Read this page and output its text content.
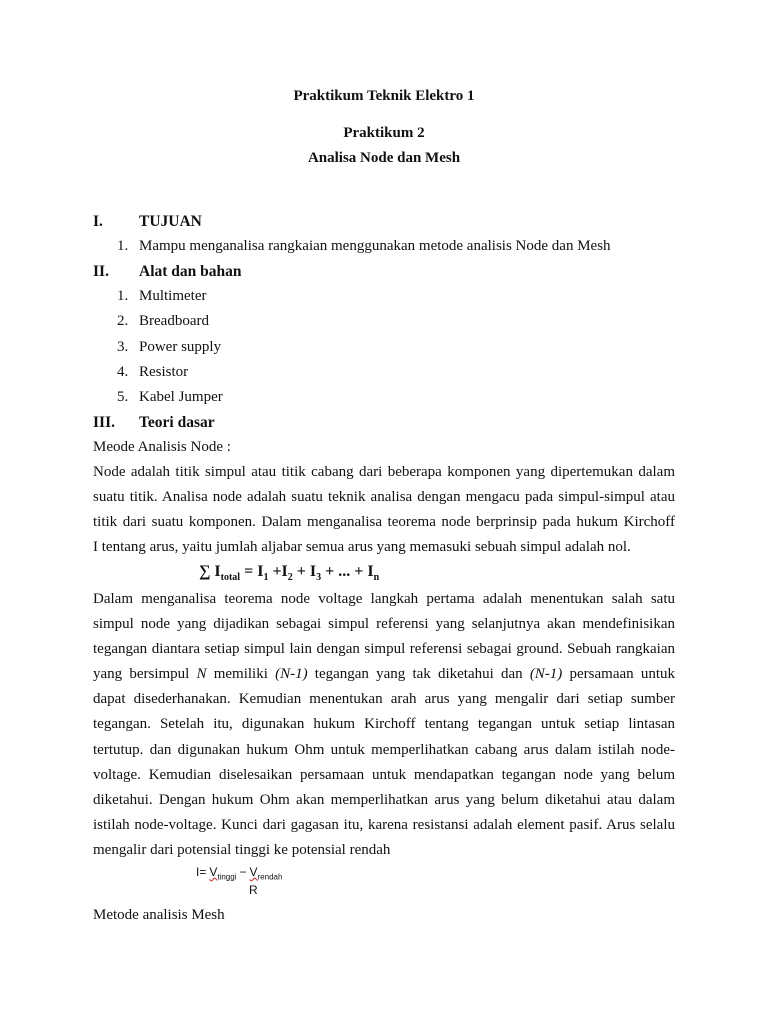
Praktikum Teknik Elektro 1
Praktikum 2
Analisa Node dan Mesh
I. TUJUAN
1. Mampu menganalisa rangkaian menggunakan metode analisis Node dan Mesh
II. Alat dan bahan
1. Multimeter
2. Breadboard
3. Power supply
4. Resistor
5. Kabel Jumper
III. Teori dasar
Meode Analisis Node :
Node adalah titik simpul atau titik cabang dari beberapa komponen yang dipertemukan dalam
suatu titik. Analisa node adalah suatu teknik analisa dengan mengacu pada simpul-simpul atau
titik dari suatu komponen. Dalam menganalisa teorema node berprinsip pada hukum Kirchoff
I tentang arus, yaitu jumlah aljabar semua arus yang memasuki sebuah simpul adalah nol.
∑ $I_{total} = I_1 +I_2 + I_3$ + ... + $I_n$
Dalam menganalisa teorema node voltage langkah pertama adalah menentukan salah satu
simpul node yang dijadikan sebagai simpul referensi yang selanjutnya akan mendefinisikan
tegangan diantara setiap simpul lain dengan simpul referensi sebagai ground. Sebuah rangkaian
yang bersimpul N memiliki (N-1) tegangan yang tak diketahui dan (N-1) persamaan untuk
dapat disederhanakan. Kemudian menentukan arah arus yang mengalir dari setiap sumber
tegangan. Setelah itu, digunakan hukum Kirchoff tentang tegangan untuk setiap lintasan
tertutup. dan digunakan hukum Ohm untuk memperlihatkan cabang arus dalam istilah node-
voltage. Kemudian diselesaikan persamaan untuk mendapatkan tegangan node yang belum
diketahui. Dengan hukum Ohm akan memperlihatkan arus yang belum diketahui atau dalam
istilah node-voltage. Kunci dari gagasan itu, karena resistansi adalah element pasif. Arus selalu
mengalir dari potensial tinggi ke potensial rendah
$I= V_{tinggi} - V_{rendah}$
R
Metode analisis Mesh
